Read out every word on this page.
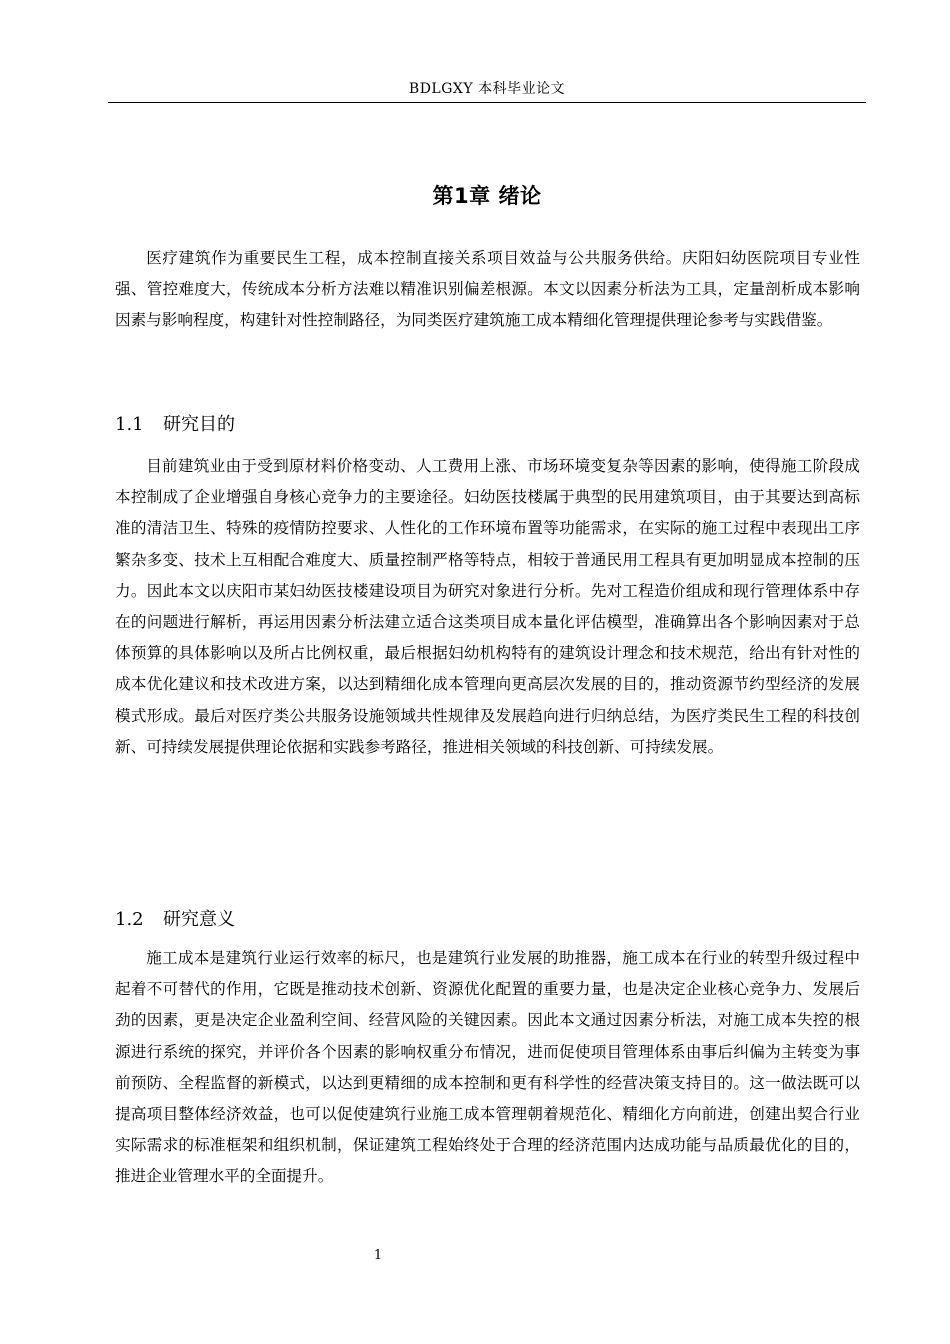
BDLGXY 本科毕业论文
第1章 绪论

医疗建筑作为重要民生工程，成本控制直接关系项目效益与公共服务供给。庆阳妇幼医院项目专业性强、管控难度大，传统成本分析方法难以精准识别偏差根源。本文以因素分析法为工具，定量剖析成本影响因素与影响程度，构建针对性控制路径，为同类医疗建筑施工成本精细化管理提供理论参考与实践借鉴。

1.1 研究目的

目前建筑业由于受到原材料价格变动、人工费用上涨、市场环境变复杂等因素的影响，使得施工阶段成本控制成了企业增强自身核心竞争力的主要途径。妇幼医技楼属于典型的民用建筑项目，由于其要达到高标准的清洁卫生、特殊的疫情防控要求、人性化的工作环境布置等功能需求，在实际的施工过程中表现出工序繁杂多变、技术上互相配合难度大、质量控制严格等特点，相较于普通民用工程具有更加明显成本控制的压力。因此本文以庆阳市某妇幼医技楼建设项目为研究对象进行分析。先对工程造价组成和现行管理体系中存在的问题进行解析，再运用因素分析法建立适合这类项目成本量化评估模型，准确算出各个影响因素对于总体预算的具体影响以及所占比例权重，最后根据妇幼机构特有的建筑设计理念和技术规范，给出有针对性的成本优化建议和技术改进方案，以达到精细化成本管理向更高层次发展的目的，推动资源节约型经济的发展模式形成。最后对医疗类公共服务设施领域共性规律及发展趋向进行归纳总结，为医疗类民生工程的科技创新、可持续发展提供理论依据和实践参考路径，推进相关领域的科技创新、可持续发展。

1.2 研究意义

施工成本是建筑行业运行效率的标尺，也是建筑行业发展的助推器，施工成本在行业的转型升级过程中起着不可替代的作用，它既是推动技术创新、资源优化配置的重要力量，也是决定企业核心竞争力、发展后劲的因素，更是决定企业盈利空间、经营风险的关键因素。因此本文通过因素分析法，对施工成本失控的根源进行系统的探究，并评价各个因素的影响权重分布情况，进而促使项目管理体系由事后纠偏为主转变为事前预防、全程监督的新模式，以达到更精细的成本控制和更有科学性的经营决策支持目的。这一做法既可以提高项目整体经济效益，也可以促使建筑行业施工成本管理朝着规范化、精细化方向前进，创建出契合行业实际需求的标准框架和组织机制，保证建筑工程始终处于合理的经济范围内达成功能与品质最优化的目的，推进企业管理水平的全面提升。

1
